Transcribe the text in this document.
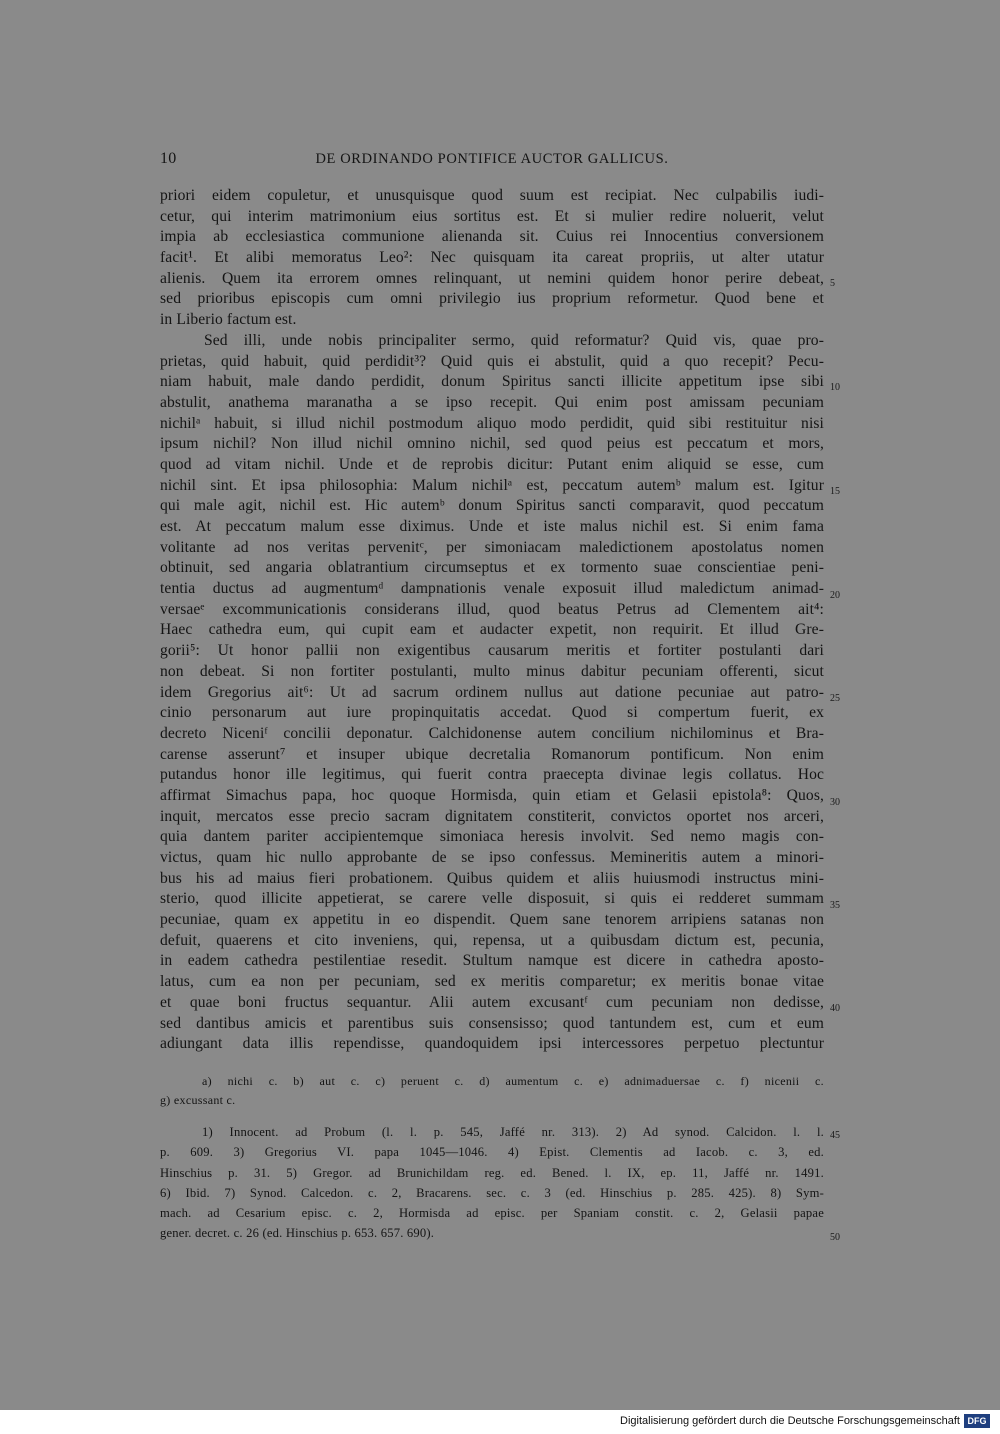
10	DE ORDINANDO PONTIFICE AUCTOR GALLICUS.
priori eidem copuletur, et unusquisque quod suum est recipiat. Nec culpabilis iudi-
cetur, qui interim matrimonium eius sortitus est. Et si mulier redire noluerit, velut
impia ab ecclesiastica communione alienanda sit. Cuius rei Innocentius conversionem
facit¹. Et alibi memoratus Leo²: Nec quisquam ita careat propriis, ut alter utatur
alienis. Quem ita errorem omnes relinquant, ut nemini quidem honor perire debeat,
sed prioribus episcopis cum omni privilegio ius proprium reformetur. Quod bene et
in Liberio factum est.
Sed illi, unde nobis principaliter sermo, quid reformatur? Quid vis, quae pro-
prietas, quid habuit, quid perdidit³? Quid quis ei abstulit, quid a quo recepit? Pecu-
niam habuit, male dando perdidit, donum Spiritus sancti illicite appetitum ipse sibi
abstulit, anathema maranatha a se ipso recepit. Qui enim post amissam pecuniam
nichilᵃ habuit, si illud nichil postmodum aliquo modo perdidit, quid sibi restituitur nisi
ipsum nichil? Non illud nichil omnino nichil, sed quod peius est peccatum et mors,
quod ad vitam nichil. Unde et de reprobis dicitur: Putant enim aliquid se esse, cum
nichil sint. Et ipsa philosophia: Malum nichilᵃ est, peccatum autemᵇ malum est. Igitur
qui male agit, nichil est. Hic autemᵇ donum Spiritus sancti comparavit, quod peccatum
est. At peccatum malum esse diximus. Unde et iste malus nichil est. Si enim fama
volitante ad nos veritas pervenitᶜ, per simoniacam maledictionem apostolatus nomen
obtinuit, sed angaria oblatrantium circumseptus et ex tormento suae conscientiae peni-
tentia ductus ad augmentumᵈ dampnationis venale exposuit illud maledictum animad-
versaeᵉ excommunicationis considerans illud, quod beatus Petrus ad Clementem ait⁴:
Haec cathedra eum, qui cupit eam et audacter expetit, non requirit. Et illud Gre-
gorii⁵: Ut honor pallii non exigentibus causarum meritis et fortiter postulanti dari
non debeat. Si non fortiter postulanti, multo minus dabitur pecuniam offerenti, sicut
idem Gregorius ait⁶: Ut ad sacrum ordinem nullus aut datione pecuniae aut patro-
cinio personarum aut iure propinquitatis accedat. Quod si compertum fuerit, ex
decreto Niceniᶠ concilii deponatur. Calchidonense autem concilium nichilominus et Bra-
carense asserunt⁷ et insuper ubique decretalia Romanorum pontificum. Non enim
putandus honor ille legitimus, qui fuerit contra praecepta divinae legis collatus. Hoc
affirmat Simachus papa, hoc quoque Hormisda, quin etiam et Gelasii epistola⁸: Quos,
inquit, mercatos esse precio sacram dignitatem constiterit, convictos oportet nos arceri,
quia dantem pariter accipientemque simoniaca heresis involvit. Sed nemo magis con-
victus, quam hic nullo approbante de se ipso confessus. Memineritis autem a minori-
bus his ad maius fieri probationem. Quibus quidem et aliis huiusmodi instructus mini-
sterio, quod illicite appetierat, se carere velle disposuit, si quis ei redderet summam
pecuniae, quam ex appetitu in eo dispendit. Quem sane tenorem arripiens satanas non
defuit, quaerens et cito inveniens, qui, repensa, ut a quibusdam dictum est, pecunia,
in eadem cathedra pestilentiae resedit. Stultum namque est dicere in cathedra aposto-
latus, cum ea non per pecuniam, sed ex meritis comparetur; ex meritis bonae vitae
et quae boni fructus sequantur. Alii autem excusantᶠ cum pecuniam non dedisse,
sed dantibus amicis et parentibus suis consensisso; quod tantundem est, cum et eum
adiungant data illis rependisse, quandoquidem ipsi intercessores perpetuo plectuntur
5
10
15
20
25
30
35
40
45
50
a) nichi c. b) aut c. c) peruent c. d) aumentum c. e) adnimaduersae c. f) nicenii c.
g) excussant c.
1) Innocent. ad Probum (l. l. p. 545, Jaffé nr. 313). 2) Ad synod. Calcidon. l. l.
p. 609. 3) Gregorius VI. papa 1045—1046. 4) Epist. Clementis ad Iacob. c. 3, ed.
Hinschius p. 31. 5) Gregor. ad Brunichildam reg. ed. Bened. l. IX, ep. 11, Jaffé nr. 1491.
6) Ibid. 7) Synod. Calcedon. c. 2, Bracarens. sec. c. 3 (ed. Hinschius p. 285. 425). 8) Sym-
mach. ad Cesarium episc. c. 2, Hormisda ad episc. per Spaniam constit. c. 2, Gelasii papae
gener. decret. c. 26 (ed. Hinschius p. 653. 657. 690).
Digitalisierung gefördert durch die Deutsche Forschungsgemeinschaft DFG
